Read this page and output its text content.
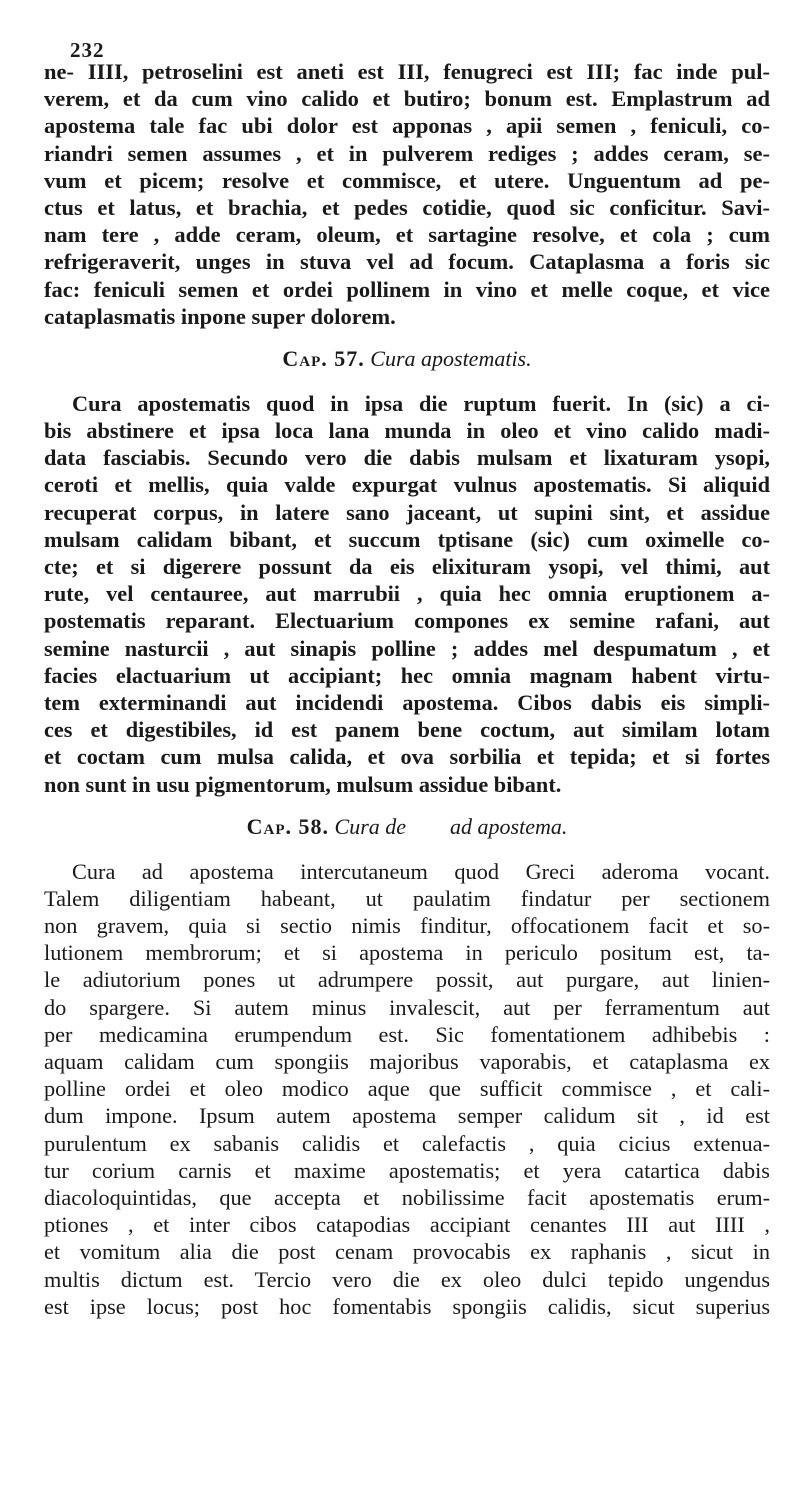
232
ne- IIII, petroselini est aneti est III, fenugreci est III; fac inde pul-
verem, et da cum vino calido et butiro; bonum est. Emplastrum ad
apostema tale fac ubi dolor est apponas , apii semen , feniculi, co-
riandri semen assumes , et in pulverem rediges ; addes ceram, se-
vum et picem; resolve et commisce, et utere. Unguentum ad pe-
ctus et latus, et brachia, et pedes cotidie, quod sic conficitur. Savi-
nam tere , adde ceram, oleum, et sartagine resolve, et cola ; cum
refrigeraverit, unges in stuva vel ad focum. Cataplasma a foris sic
fac: feniculi semen et ordei pollinem in vino et melle coque, et vice
cataplasmatis inpone super dolorem.
Cap. 57. Cura apostematis.
Cura apostematis quod in ipsa die ruptum fuerit. In (sic) a ci-
bis abstinere et ipsa loca lana munda in oleo et vino calido madi-
data fasciabis. Secundo vero die dabis mulsam et lixaturam ysopi,
ceroti et mellis, quia valde expurgat vulnus apostematis. Si aliquid
recuperat corpus, in latere sano jaceant, ut supini sint, et assidue
mulsam calidam bibant, et succum tptisane (sic) cum oximelle co-
cte; et si digerere possunt da eis elixituram ysopi, vel thimi, aut
rute, vel centauree, aut marrubii , quia hec omnia eruptionem a-
postematis reparant. Electuarium compones ex semine rafani, aut
semine nasturcii , aut sinapis polline ; addes mel despumatum , et
facies elactuarium ut accipiant; hec omnia magnam habent virtu-
tem exterminandi aut incidendi apostema. Cibos dabis eis simpli-
ces et digestibiles, id est panem bene coctum, aut similam lotam
et coctam cum mulsa calida, et ova sorbilia et tepida; et si fortes
non sunt in usu pigmentorum, mulsum assidue bibant.
Cap. 58. Cura de        ad apostema.
Cura ad apostema intercutaneum quod Greci aderoma vocant.
Talem diligentiam habeant, ut paulatim findatur per sectionem
non gravem, quia si sectio nimis finditur, offocationem facit et so-
lutionem membrorum; et si apostema in periculo positum est, ta-
le adiutorium pones ut adrumpere possit, aut purgare, aut linien-
do spargere. Si autem minus invalescit, aut per ferramentum aut
per medicamina erumpendum est. Sic fomentationem adhibebis :
aquam calidam cum spongiis majoribus vaporabis, et cataplasma ex
polline ordei et oleo modico aque que sufficit commisce , et cali-
dum impone. Ipsum autem apostema semper calidum sit , id est
purulentum ex sabanis calidis et calefactis , quia cicius extenua-
tur corium carnis et maxime apostematis; et yera catartica dabis
diacoloquintidas, que accepta et nobilissime facit apostematis erum-
ptiones , et inter cibos catapodias accipiant cenantes III aut IIII ,
et vomitum alia die post cenam provocabis ex raphanis , sicut in
multis dictum est. Tercio vero die ex oleo dulci tepido ungendus
est ipse locus; post hoc fomentabis spongiis calidis, sicut superius
